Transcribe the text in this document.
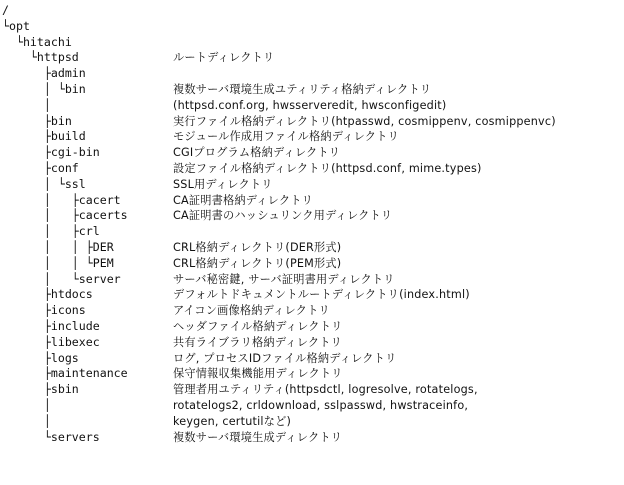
/
└opt
└hitachi
└httpsd	ルートディレクトリ
├admin
│ └bin	複数サーバ環境生成ユティリティ格納ディレクトリ
│	(httpsd.conf.org, hwsserveredit, hwsconfigedit)
├bin	実行ファイル格納ディレクトリ(htpasswd, cosmippenv, cosmippenvc)
├build	モジュール作成用ファイル格納ディレクトリ
├cgi-bin	CGIプログラム格納ディレクトリ
├conf	設定ファイル格納ディレクトリ(httpsd.conf, mime.types)
│ └ssl	SSL用ディレクトリ
│   ├cacert	CA証明書格納ディレクトリ
│   ├cacerts	CA証明書のハッシュリンク用ディレクトリ
│   ├crl
│   │ ├DER	CRL格納ディレクトリ(DER形式)
│   │ └PEM	CRL格納ディレクトリ(PEM形式)
│   └server	サーバ秘密鍵, サーバ証明書用ディレクトリ
├htdocs	デフォルトドキュメントルートディレクトリ(index.html)
├icons	アイコン画像格納ディレクトリ
├include	ヘッダファイル格納ディレクトリ
├libexec	共有ライブラリ格納ディレクトリ
├logs	ログ, プロセスIDファイル格納ディレクトリ
├maintenance	保守情報収集機能用ディレクトリ
├sbin	管理者用ユティリティ(httpsdctl, logresolve, rotatelogs,
│	rotatelogs2, crldownload, sslpasswd, hwstraceinfo,
│	keygen, certutilなど)
└servers	複数サーバ環境生成ディレクトリ
